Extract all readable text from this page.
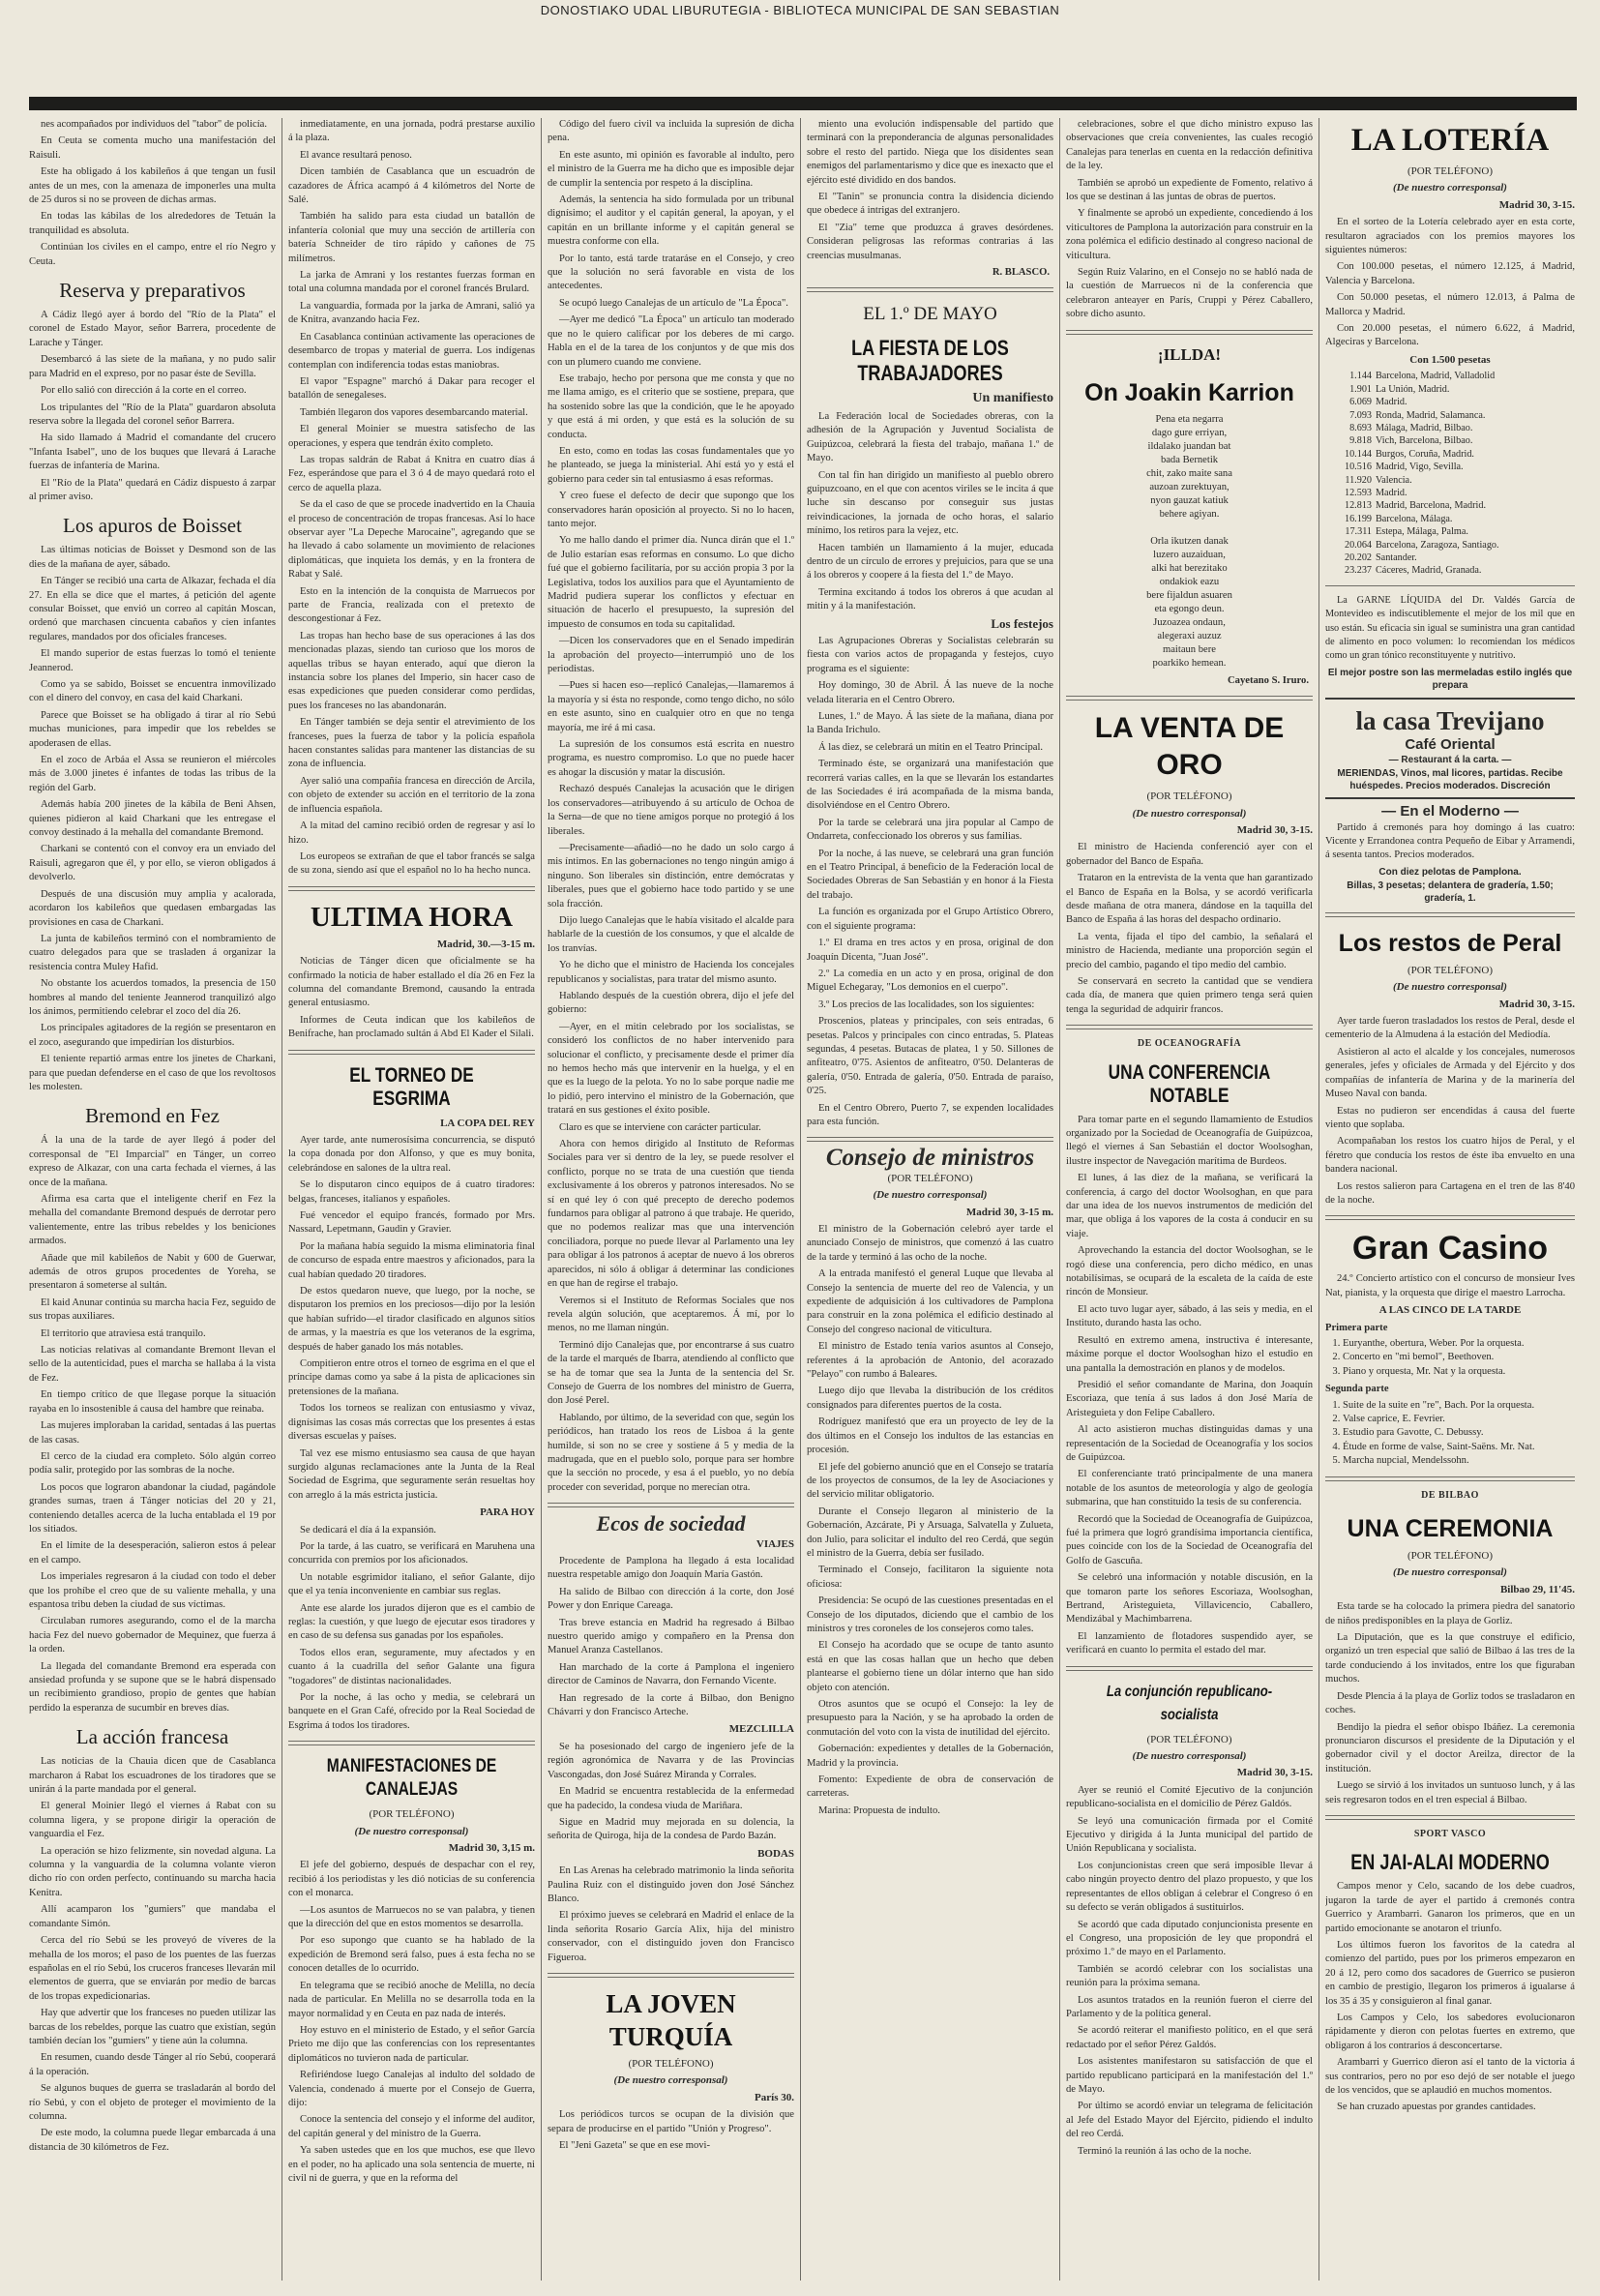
DONOSTIAKO UDAL LIBURUTEGIA - BIBLIOTECA MUNICIPAL DE SAN SEBASTIAN

nes acompañados por individuos del "tabor" de policía.

En Ceuta se comenta mucho una manifestación del Raisuli.

Este ha obligado á los kabileños á que tengan un fusil antes de un mes, con la amenaza de imponerles una multa de 25 duros si no se proveen de dichas armas.

En todas las kábilas de los alrededores de Tetuán la tranquilidad es absoluta.

Continúan los civiles en el campo, entre el río Negro y Ceuta.

Reserva y preparativos

A Cádiz llegó ayer á bordo del "Río de la Plata" el coronel de Estado Mayor, señor Barrera, procedente de Larache y Tánger.

Desembarcó á las siete de la mañana, y no pudo salir para Madrid en el expreso, por no pasar éste de Sevilla.

Por ello salió con dirección á la corte en el correo.

Los tripulantes del "Río de la Plata" guardaron absoluta reserva sobre la llegada del coronel señor Barrera.

Ha sido llamado á Madrid el comandante del crucero "Infanta Isabel", uno de los buques que llevará á Larache fuerzas de infantería de Marina.

El "Río de la Plata" quedará en Cádiz dispuesto á zarpar al primer aviso.

Los apuros de Boisset

Las últimas noticias de Boisset y Desmond son de las dies de la mañana de ayer, sábado.

En Tánger se recibió una carta de Alkazar, fechada el día 27. En ella se dice que el martes, á petición del agente consular Boisset, que envió un correo al capitán Moscan, ordenó que marchasen cincuenta cabaños y cien infantes regulares, mandados por dos oficiales franceses.

El mando superior de estas fuerzas lo tomó el teniente Jeannerod.

Como ya se sabido, Boisset se encuentra inmovilizado con el dinero del convoy, en casa del kaid Charkani.

Parece que Boisset se ha obligado á tirar al río Sebú muchas municiones, para impedir que los rebeldes se apoderasen de ellas.

En el zoco de Arbáa el Assa se reunieron el miércoles más de 3.000 jinetes é infantes de todas las tribus de la región del Garb.

Además había 200 jinetes de la kábila de Beni Ahsen, quienes pidieron al kaid Charkani que les entregase el convoy destinado á la mehalla del comandante Bremond.

Charkani se contentó con el convoy era un enviado del Raisuli, agregaron que él, y por ello, se vieron obligados á devolverlo.

Después de una discusión muy amplia y acalorada, acordaron los kabileños que quedasen embargadas las provisiones en casa de Charkani.

La junta de kabileños terminó con el nombramiento de cuatro delegados para que se trasladen á organizar la resistencia contra Muley Hafid.

No obstante los acuerdos tomados, la presencia de 150 hombres al mando del teniente Jeannerod tranquilizó algo los ánimos, permitiendo celebrar el zoco del día 26.

Los principales agitadores de la región se presentaron en el zoco, asegurando que impedirían los disturbios.

El teniente repartió armas entre los jinetes de Charkani, para que puedan defenderse en el caso de que los revoltosos les molesten.

Bremond en Fez

Á la una de la tarde de ayer llegó á poder del corresponsal de "El Imparcial" en Tánger, un correo expreso de Alkazar, con una carta fechada el viernes, á las once de la mañana.

Afirma esa carta que el inteligente cherif en Fez la mehalla del comandante Bremond después de derrotar pero valientemente, entre las tribus rebeldes y los beniciones armados.

Añade que mil kabileños de Nabit y 600 de Guerwar, además de otros grupos procedentes de Yoreha, se presentaron á someterse al sultán.

El kaid Anunar continúa su marcha hacia Fez, seguido de sus tropas auxiliares.

El territorio que atraviesa está tranquilo.

Las noticias relativas al comandante Bremont llevan el sello de la autenticidad, pues el marcha se hallaba á la vista de Fez.

En tiempo crítico de que llegase porque la situación rayaba en lo insostenible á causa del hambre que reinaba.

Las mujeres imploraban la caridad, sentadas á las puertas de las casas.

El cerco de la ciudad era completo. Sólo algún correo podía salir, protegido por las sombras de la noche.

Los pocos que lograron abandonar la ciudad, pagándole grandes sumas, traen á Tánger noticias del 20 y 21, conteniendo detalles acerca de la lucha entablada el 19 por los sitiados.

En el límite de la desesperación, salieron estos á pelear en el campo.

Los imperiales regresaron á la ciudad con todo el deber que los prohíbe el creo que de su valiente mehalla, y una espantosa tribu deben la ciudad de sus víctimas.

Circulaban rumores asegurando, como el de la marcha hacia Fez del nuevo gobernador de Mequinez, que fuerza á la orden.

La llegada del comandante Bremond era esperada con ansiedad profunda y se supone que se le habrá dispensado un recibimiento grandioso, propio de gentes que habían perdido la esperanza de sucumbir en breves días.

La acción francesa

Las noticias de la Chauia dicen que de Casablanca marcharon á Rabat los escuadrones de los tiradores que se unirán á la parte mandada por el general.

El general Moinier llegó el viernes á Rabat con su columna ligera, y se propone dirigir la operación de vanguardia el Fez.

La operación se hizo felizmente, sin novedad alguna. La columna y la vanguardia de la columna volante vieron dicho río con orden perfecto, continuando su marcha hacia Kenitra.

Allí acamparon los "gumiers" que mandaba el comandante Simón.

Cerca del río Sebú se les proveyó de víveres de la mehalla de los moros; el paso de los puentes de las fuerzas españolas en el río Sebú, los cruceros franceses llevarán mil elementos de guerra, que se enviarán por medio de barcas de los tropas expedicionarias.

Hay que advertir que los franceses no pueden utilizar las barcas de los rebeldes, porque las cuatro que existían, según también decían los "gumiers" y tiene aún la columna.

En resumen, cuando desde Tánger al río Sebú, cooperará á la operación.

Se algunos buques de guerra se trasladarán al bordo del río Sebú, y con el objeto de proteger el movimiento de la columna.

De este modo, la columna puede llegar embarcada á una distancia de 30 kilómetros de Fez.

inmediatamente, en una jornada, podrá prestarse auxilio á la plaza.

El avance resultará penoso.

Dicen también de Casablanca que un escuadrón de cazadores de África acampó á 4 kilómetros del Norte de Salé.

También ha salido para esta ciudad un batallón de infantería colonial que muy una sección de artillería con batería Schneider de tiro rápido y cañones de 75 milímetros.

La jarka de Amrani y los restantes fuerzas forman en total una columna mandada por el coronel francés Brulard.

La vanguardia, formada por la jarka de Amrani, salió ya de Knitra, avanzando hacia Fez.

En Casablanca continúan activamente las operaciones de desembarco de tropas y material de guerra. Los indígenas contemplan con indiferencia todas estas maniobras.

El vapor "Espagne" marchó á Dakar para recoger el batallón de senegaleses.

También llegaron dos vapores desembarcando material.

El general Moinier se muestra satisfecho de las operaciones, y espera que tendrán éxito completo.

Las tropas saldrán de Rabat á Knitra en cuatro días á Fez, esperándose que para el 3 ó 4 de mayo quedará roto el cerco de aquella plaza.

Se da el caso de que se procede inadvertido en la Chauia el proceso de concentración de tropas francesas. Así lo hace observar ayer "La Depeche Marocaine", agregando que se ha llevado á cabo solamente un movimiento de relaciones diplomáticas, que inquieta los demás, y en la frontera de Rabat y Salé.

Esto en la intención de la conquista de Marruecos por parte de Francia, realizada con el pretexto de descongestionar á Fez.

Las tropas han hecho base de sus operaciones á las dos mencionadas plazas, siendo tan curioso que los moros de aquellas tribus se hayan enterado, aquí que dieron la instancia sobre los planes del Imperio, sin hacer caso de esas expediciones que pueden considerar como perdidas, pues los franceses no las abandonarán.

En Tánger también se deja sentir el atrevimiento de los franceses, pues la fuerza de tabor y la policía española hacen constantes salidas para mantener las distancias de su zona de influencia.

Ayer salió una compañía francesa en dirección de Arcila, con objeto de extender su acción en el territorio de la zona de influencia española.

A la mitad del camino recibió orden de regresar y así lo hizo.

Los europeos se extrañan de que el tabor francés se salga de su zona, siendo así que el español no lo ha hecho nunca.

ULTIMA HORA
Madrid, 30.—3-15 m.

Noticias de Tánger dicen que oficialmente se ha confirmado la noticia de haber estallado el día 26 en Fez la columna del comandante Bremond, causando la entrada general entusiasmo.

Informes de Ceuta indican que los kabileños de Benifrache, han proclamado sultán á Abd El Kader el Silali.

EL TORNEO DE ESGRIMA
LA COPA DEL REY

Ayer tarde, ante numerosísima concurrencia, se disputó la copa donada por don Alfonso, y que es muy bonita, celebrándose en salones de la ultra real.

Se lo disputaron cinco equipos de á cuatro tiradores: belgas, franceses, italianos y españoles.

Fué vencedor el equipo francés, formado por Mrs. Nassard, Lepetmann, Gaudin y Gravier.

Por la mañana había seguido la misma eliminatoria final de concurso de espada entre maestros y aficionados, para la cual habían quedado 20 tiradores.

De estos quedaron nueve, que luego, por la noche, se disputaron los premios en los preciosos—dijo por la lesión que habían sufrido—el tirador clasificado en algunos sitios de armas, y la maestría es que los veteranos de la esgrima, después de haber ganado los más notables.

Compitieron entre otros el torneo de esgrima en el que el príncipe damas como ya sabe á la pista de aplicaciones sin pretensiones de la mañana.

Todos los torneos se realizan con entusiasmo y vivaz, dignísimas las cosas más correctas que los presentes á estas diversas escuelas y países.

Tal vez ese mismo entusiasmo sea causa de que hayan surgido algunas reclamaciones ante la Junta de la Real Sociedad de Esgrima, que seguramente serán resueltas hoy con arreglo á la más estricta justicia.

PARA HOY

Se dedicará el día á la expansión.

Por la tarde, á las cuatro, se verificará en Maruhena una concurrida con premios por los aficionados.

Un notable esgrimidor italiano, el señor Galante, dijo que el ya tenía inconveniente en cambiar sus reglas.

Ante ese alarde los jurados dijeron que es el cambio de reglas: la cuestión, y que luego de ejecutar esos tiradores y en caso de su defensa sus ganadas por los españoles.

Todos ellos eran, seguramente, muy afectados y en cuanto á la cuadrilla del señor Galante una figura "togadores" de distintas nacionalidades.

Por la noche, á las ocho y media, se celebrará un banquete en el Gran Café, ofrecido por la Real Sociedad de Esgrima á todos los tiradores.

MANIFESTACIONES DE CANALEJAS
(POR TELÉFONO)
(De nuestro corresponsal)
Madrid 30, 3,15 m.

El jefe del gobierno, después de despachar con el rey, recibió á los periodistas y les dió noticias de su conferencia con el monarca.

—Los asuntos de Marruecos no se van palabra, y tienen que la dirección del que en estos momentos se desarrolla.

Por eso supongo que cuanto se ha hablado de la expedición de Bremond será falso, pues á esta fecha no se conocen detalles de lo ocurrido.

En telegrama que se recibió anoche de Melilla, no decía nada de particular. En Melilla no se desarrolla toda en la mayor normalidad y en Ceuta en paz nada de interés.

Hoy estuvo en el ministerio de Estado, y el señor García Prieto me dijo que las conferencias con los representantes diplomáticos no tuvieron nada de particular.

Refiriéndose luego Canalejas al indulto del soldado de Valencia, condenado á muerte por el Consejo de Guerra, dijo:

Conoce la sentencia del consejo y el informe del auditor, del capitán general y del ministro de la Guerra.

Ya saben ustedes que en los que muchos, ese que llevo en el poder, no ha aplicado una sola sentencia de muerte, ni civil ni de guerra, y que en la reforma del

Código del fuero civil va incluida la supresión de dicha pena.

En este asunto, mi opinión es favorable al indulto, pero el ministro de la Guerra me ha dicho que es imposible dejar de cumplir la sentencia por respeto á la disciplina.

Además, la sentencia ha sido formulada por un tribunal dignísimo; el auditor y el capitán general, la apoyan, y el capitán en un brillante informe y el capitán general se muestra conforme con ella.

Por lo tanto, está tarde trataráse en el Consejo, y creo que la solución no será favorable en vista de los antecedentes.

Se ocupó luego Canalejas de un artículo de "La Época".

—Ayer me dedicó "La Época" un artículo tan moderado que no le quiero calificar por los deberes de mi cargo. Habla en el de la tarea de los conjuntos y de que mis dos con un plumero cuando me conviene.

Ese trabajo, hecho por persona que me consta y que no me llama amigo, es el criterio que se sostiene, prepara, que ha sostenido sobre las que la condición, que le he apoyado y que está á mi orden, y que está es la solución de su conducta.

En esto, como en todas las cosas fundamentales que yo he planteado, se juega la ministerial. Ahí está yo y está el gobierno para ceder sin tal entusiasmo á esas reformas.

Y creo fuese el defecto de decir que supongo que los conservadores harán oposición al proyecto. Si no lo hacen, tanto mejor.

Yo me hallo dando el primer día. Nunca dirán que el 1.º de Julio estarían esas reformas en consumo. Lo que dicho fué que el gobierno facilitaría, por su acción propia 3 por la Legislativa, todos los auxilios para que el Ayuntamiento de Madrid pudiera superar los conflictos y efectuar en situación de hacerlo el presupuesto, la supresión del impuesto de consumos en toda su capitalidad.

—Dicen los conservadores que en el Senado impedirán la aprobación del proyecto—interrumpió uno de los periodistas.

—Pues si hacen eso—replicó Canalejas,—llamaremos á la mayoría y si ésta no responde, como tengo dicho, no sólo en este asunto, sino en cualquier otro en que no tenga mayoría, me iré á mi casa.

La supresión de los consumos está escrita en nuestro programa, es nuestro compromiso. Lo que no puede hacer es ahogar la discusión y matar la discusión.

Rechazó después Canalejas la acusación que le dirigen los conservadores—atribuyendo á su artículo de Ochoa de la Serna—de que no tiene amigos porque no protegió á los liberales.

—Precisamente—añadió—no he dado un solo cargo á mis íntimos. En las gobernaciones no tengo ningún amigo á ninguno. Son liberales sin distinción, entre demócratas y liberales, pues que el gobierno hace todo partido y se une sola fracción.

Dijo luego Canalejas que le había visitado el alcalde para hablarle de la cuestión de los consumos, y que el alcalde de los tranvías.

Yo he dicho que el ministro de Hacienda los concejales republicanos y socialistas, para tratar del mismo asunto.

Hablando después de la cuestión obrera, dijo el jefe del gobierno:

—Ayer, en el mitin celebrado por los socialistas, se consideró los conflictos de no haber intervenido para solucionar el conflicto, y precisamente desde el primer día no hemos hecho más que intervenir en la huelga, y el en que es la luego de la pelota. Yo no lo sabe porque nadie me lo pidió, pero intervino el ministro de la Gobernación, que tratará en sus gestiones el éxito posible.

Claro es que se interviene con carácter particular.

Ahora con hemos dirigido al Instituto de Reformas Sociales para ver si dentro de la ley, se puede resolver el conflicto, porque no se trata de una cuestión que tienda exclusivamente á los obreros y patronos interesados. No se sí en qué ley ó con qué precepto de derecho podemos fundarnos para obligar al patrono á que trabaje. He querido, que no podemos realizar mas que una intervención conciliadora, porque no puede llevar al Parlamento una ley para obligar á los patronos á aceptar de nuevo á los obreros aparecidos, ni sólo á obligar á determinar las condiciones en que han de regirse el trabajo.

Veremos si el Instituto de Reformas Sociales que nos revela algún solución, que aceptaremos. Á mí, por lo menos, no me llaman ningún.

Terminó dijo Canalejas que, por encontrarse á sus cuatro de la tarde el marqués de Ibarra, atendiendo al conflicto que se ha de tomar que sea la Junta de la sentencia del Sr. Consejo de Guerra de los nombres del ministro de Guerra, don José Perel.

Hablando, por último, de la severidad con que, según los periódicos, han tratado los reos de Lisboa á la gente humilde, si son no se cree y sostiene á 5 y media de la madrugada, que en el pueblo solo, porque para ser hombre que la sección no procede, y esa á el pueblo, yo no debía proceder con severidad, porque no merecían otra.

Ecos de sociedad
VIAJES

Procedente de Pamplona ha llegado á esta localidad nuestra respetable amigo don Joaquín María Gastón.

Ha salido de Bilbao con dirección á la corte, don José Power y don Enrique Careaga.

Tras breve estancia en Madrid ha regresado á Bilbao nuestro querido amigo y compañero en la Prensa don Manuel Aranza Castellanos.

Han marchado de la corte á Pamplona el ingeniero director de Caminos de Navarra, don Fernando Vicente.

Han regresado de la corte á Bilbao, don Benigno Chávarri y don Francisco Arteche.

MEZCLILLA

Se ha posesionado del cargo de ingeniero jefe de la región agronómica de Navarra y de las Provincias Vascongadas, don José Suárez Miranda y Corrales.

En Madrid se encuentra restablecida de la enfermedad que ha padecido, la condesa viuda de Mariñara.

Sigue en Madrid muy mejorada en su dolencia, la señorita de Quiroga, hija de la condesa de Pardo Bazán.

BODAS

En Las Arenas ha celebrado matrimonio la linda señorita Paulina Ruiz con el distinguido joven don José Sánchez Blanco.

El próximo jueves se celebrará en Madrid el enlace de la linda señorita Rosario García Alix, hija del ministro conservador, con el distinguido joven don Francisco Figueroa.

LA JOVEN TURQUÍA
(POR TELÉFONO)
(De nuestro corresponsal)
París 30.

Los periódicos turcos se ocupan de la división que separa de producirse en el partido "Unión y Progreso".

El "Jeni Gazeta" se que en ese movi-

miento una evolución indispensable del partido que terminará con la preponderancia de algunas personalidades sobre el resto del partido. Niega que los disidentes sean enemigos del parlamentarismo y dice que es inexacto que el ejército esté dividido en dos bandos.

El "Tanin" se pronuncia contra la disidencia diciendo que obedece á intrigas del extranjero.

El "Zia" teme que produzca á graves desórdenes. Consideran peligrosas las reformas contrarias á las creencias musulmanas.

R. BLASCO.
EL 1.º DE MAYO
LA FIESTA DE LOS TRABAJADORES
Un manifiesto

La Federación local de Sociedades obreras, con la adhesión de la Agrupación y Juventud Socialista de Guipúzcoa, celebrará la fiesta del trabajo, mañana 1.º de Mayo.

Con tal fin han dirigido un manifiesto al pueblo obrero guipuzcoano, en el que con acentos viriles se le incita á que luche sin descanso por conseguir sus justas reivindicaciones, la jornada de ocho horas, el salario mínimo, los retiros para la vejez, etc.

Hacen también un llamamiento á la mujer, educada dentro de un círculo de errores y prejuicios, para que se una á los obreros y coopere á la fiesta del 1.º de Mayo.

Termina excitando á todos los obreros á que acudan al mitin y á la manifestación.

Los festejos

Las Agrupaciones Obreras y Socialistas celebrarán su fiesta con varios actos de propaganda y festejos, cuyo programa es el siguiente:

Hoy domingo, 30 de Abril. Á las nueve de la noche velada literaria en el Centro Obrero.

Lunes, 1.º de Mayo. Á las siete de la mañana, diana por la Banda Irichulo.

Á las diez, se celebrará un mitin en el Teatro Principal.

Terminado éste, se organizará una manifestación que recorrerá varias calles, en la que se llevarán los estandartes de las Sociedades é irá acompañada de la misma banda, disolviéndose en el Centro Obrero.

Por la tarde se celebrará una jira popular al Campo de Ondarreta, confeccionado los obreros y sus familias.

Por la noche, á las nueve, se celebrará una gran función en el Teatro Principal, á beneficio de la Federación local de Sociedades Obreras de San Sebastián y en honor á la Fiesta del trabajo.

La función es organizada por el Grupo Artístico Obrero, con el siguiente programa:

1.º El drama en tres actos y en prosa, original de don Joaquín Dicenta, "Juan José".

2.º La comedia en un acto y en prosa, original de don Miguel Echegaray, "Los demonios en el cuerpo".

3.º Los precios de las localidades, son los siguientes:

Proscenios, plateas y principales, con seis entradas, 6 pesetas. Palcos y principales con cinco entradas, 5. Plateas segundas, 4 pesetas. Butacas de platea, 1 y 50. Sillones de anfiteatro, 0'75. Asientos de anfiteatro, 0'50. Delanteras de galería, 0'50. Entrada de galería, 0'50. Entrada de paraíso, 0'25.

En el Centro Obrero, Puerto 7, se expenden localidades para esta función.

Consejo de ministros
(POR TELÉFONO)
(De nuestro corresponsal)
Madrid 30, 3-15 m.

El ministro de la Gobernación celebró ayer tarde el anunciado Consejo de ministros, que comenzó á las cuatro de la tarde y terminó á las ocho de la noche.

A la entrada manifestó el general Luque que llevaba al Consejo la sentencia de muerte del reo de Valencia, y un expediente de adquisición á los cultivadores de Pamplona para construir en la zona polémica el edificio destinado al Consejo del congreso nacional de viticultura.

El ministro de Estado tenía varios asuntos al Consejo, referentes á la aprobación de Antonio, del acorazado "Pelayo" con rumbo á Baleares.

Luego dijo que llevaba la distribución de los créditos consignados para diferentes puertos de la costa.

Rodríguez manifestó que era un proyecto de ley de la dos últimos en el Consejo los indultos de las estancias en procesión.

El jefe del gobierno anunció que en el Consejo se trataría de los proyectos de consumos, de la ley de Asociaciones y del servicio militar obligatorio.

Durante el Consejo llegaron al ministerio de la Gobernación, Azcárate, Pi y Arsuaga, Salvatella y Zulueta, don Julio, para solicitar el indulto del reo Cerdá, que según el ministro de la Guerra, debía ser fusilado.

Terminado el Consejo, facilitaron la siguiente nota oficiosa:

Presidencia: Se ocupó de las cuestiones presentadas en el Consejo de los diputados, diciendo que el cambio de los ministros y tres coroneles de los consejeros como tales.

El Consejo ha acordado que se ocupe de tanto asunto está en que las cosas hallan que un hecho que deben plantearse el gobierno tiene un dólar interno que han sido objeto con atención.

Otros asuntos que se ocupó el Consejo: la ley de presupuesto para la Nación, y se ha aprobado la orden de conmutación del voto con la vista de inutilidad del ejército.

Gobernación: expedientes y detalles de la Gobernación, Madrid y la provincia.

Fomento: Expediente de obra de conservación de carreteras.

Marina: Propuesta de indulto.

celebraciones, sobre el que dicho ministro expuso las observaciones que creía convenientes, las cuales recogió Canalejas para tenerlas en cuenta en la redacción definitiva de la ley.

También se aprobó un expediente de Fomento, relativo á los que se destinan á las juntas de obras de puertos.

Y finalmente se aprobó un expediente, concediendo á los viticultores de Pamplona la autorización para construir en la zona polémica el edificio destinado al congreso nacional de viticultura.

Según Ruiz Valarino, en el Consejo no se habló nada de la cuestión de Marruecos ni de la conferencia que celebraron anteayer en París, Cruppi y Pérez Caballero, sobre dicho asunto.

¡ILLDA!
On Joakin Karrion
Pena eta negarra
dago gure erriyan,
ildalako juandan bat
bada Bernetik
chit, zako maite sana
auzoan zurektuyan,
nyon gauzat katiuk
behere agiyan.

Orla ikutzen danak
luzero auzaiduan,
alki hat berezitako
ondakiok eazu
bere fijaldun asuaren
eta egongo deun.
Juzoazea ondaun,
alegeraxi auzuz
maitaun bere
poarkiko hemean.
Cayetano S. Iruro.
LA VENTA DE ORO
(POR TELÉFONO)
(De nuestro corresponsal)
Madrid 30, 3-15.

El ministro de Hacienda conferenció ayer con el gobernador del Banco de España.

Trataron en la entrevista de la venta que han garantizado el Banco de España en la Bolsa, y se acordó verificarla desde mañana de otra manera, dándose en la taquilla del Banco de España á las horas del despacho ordinario.

La venta, fijada el tipo del cambio, la señalará el ministro de Hacienda, mediante una proporción según el precio del cambio, pagando el tipo medio del cambio.

Se conservará en secreto la cantidad que se vendiera cada día, de manera que quien primero tenga será quien tenga la seguridad de adquirir francos.

DE OCEANOGRAFÍA
UNA CONFERENCIA NOTABLE

Para tomar parte en el segundo llamamiento de Estudios organizado por la Sociedad de Oceanografía de Guipúzcoa, llegó el viernes á San Sebastián el doctor Woolsoghan, ilustre inspector de Navegación marítima de Burdeos.

El lunes, á las diez de la mañana, se verificará la conferencia, á cargo del doctor Woolsoghan, en que para dar una idea de los nuevos instrumentos de medición del mar, que obliga á los vapores de la costa á conducir en su viaje.

Aprovechando la estancia del doctor Woolsoghan, se le rogó diese una conferencia, pero dicho médico, en unas notabilísimas, se ocupará de la escaleta de la caída de este rincón de Monsieur.

El acto tuvo lugar ayer, sábado, á las seis y media, en el Instituto, durando hasta las ocho.

Resultó en extremo amena, instructiva é interesante, máxime porque el doctor Woolsoghan hizo el estudio en una pantalla la demostración en planos y de modelos.

Presidió el señor comandante de Marina, don Joaquín Escoriaza, que tenía á sus lados á don José María de Aristeguieta y don Felipe Caballero.

Al acto asistieron muchas distinguidas damas y una representación de la Sociedad de Oceanografía y los socios de Guipúzcoa.

El conferenciante trató principalmente de una manera notable de los asuntos de meteorología y algo de geología submarina, que han constituido la tesis de su conferencia.

Recordó que la Sociedad de Oceanografía de Guipúzcoa, fué la primera que logró grandísima importancia científica, pues coincide con los de la Sociedad de Oceanografía del Golfo de Gascuña.

Se celebró una información y notable discusión, en la que tomaron parte los señores Escoriaza, Woolsoghan, Bertrand, Aristeguieta, Villavicencio, Caballero, Mendizábal y Machimbarrena.

El lanzamiento de flotadores suspendido ayer, se verificará en cuanto lo permita el estado del mar.

La conjunción republicano-socialista
(POR TELÉFONO)
(De nuestro corresponsal)
Madrid 30, 3-15.

Ayer se reunió el Comité Ejecutivo de la conjunción republicano-socialista en el domicilio de Pérez Galdós.

Se leyó una comunicación firmada por el Comité Ejecutivo y dirigida á la Junta municipal del partido de Unión Republicana y socialista.

Los conjuncionistas creen que será imposible llevar á cabo ningún proyecto dentro del plazo propuesto, y que los representantes de ellos obligan á celebrar el Congreso ó en su defecto se verán obligados á sustituirlos.

Se acordó que cada diputado conjuncionista presente en el Congreso, una proposición de ley que propondrá el próximo 1.º de mayo en el Parlamento.

También se acordó celebrar con los socialistas una reunión para la próxima semana.

Los asuntos tratados en la reunión fueron el cierre del Parlamento y de la política general.

Se acordó reiterar el manifiesto político, en el que será redactado por el señor Pérez Galdós.

Los asistentes manifestaron su satisfacción de que el partido republicano participará en la manifestación del 1.º de Mayo.

Por último se acordó enviar un telegrama de felicitación al Jefe del Estado Mayor del Ejército, pidiendo el indulto del reo Cerdá.

Terminó la reunión á las ocho de la noche.

LA LOTERÍA
(POR TELÉFONO)
(De nuestro corresponsal)
Madrid 30, 3-15.

En el sorteo de la Lotería celebrado ayer en esta corte, resultaron agraciados con los premios mayores los siguientes números:

Con 100.000 pesetas, el número 12.125, á Madrid, Valencia y Barcelona.

Con 50.000 pesetas, el número 12.013, á Palma de Mallorca y Madrid.

Con 20.000 pesetas, el número 6.622, á Madrid, Algeciras y Barcelona.

Con 1.500 pesetas
1.144	Barcelona, Madrid, Valladolid
1.901	La Unión, Madrid.
6.069	Madrid.
7.093	Ronda, Madrid, Salamanca.
8.693	Málaga, Madrid, Bilbao.
9.818	Vich, Barcelona, Bilbao.
10.144	Burgos, Coruña, Madrid.
10.516	Madrid, Vigo, Sevilla.
11.920	Valencia.
12.593	Madrid.
12.813	Madrid, Barcelona, Madrid.
16.199	Barcelona, Málaga.
17.311	Estepa, Málaga, Palma.
20.064	Barcelona, Zaragoza, Santiago.
20.202	Santander.
23.237	Cáceres, Madrid, Granada.

La GARNE LÍQUIDA del Dr. Valdés García de Montevideo es indiscutiblemente el mejor de los mil que en uso están. Su eficacia sin igual se suministra una gran cantidad de alimento en poco volumen: lo recomiendan los médicos como un gran tónico reconstituyente y nutritivo.

El mejor postre son las mermeladas estilo inglés que prepara
la casa Trevijano
Café Oriental
— Restaurant á la carta. —
MERIENDAS, Vinos, mal licores, partidas. Recibe huéspedes. Precios moderados. Discreción
— En el Moderno —

Partido á cremonés para hoy domingo á las cuatro: Vicente y Errandonea contra Pequeño de Eibar y Arramendi, á sesenta tantos. Precios moderados.

Con diez pelotas de Pamplona.
Billas, 3 pesetas; delantera de gradería, 1.50; gradería, 1.
Los restos de Peral
(POR TELÉFONO)
(De nuestro corresponsal)
Madrid 30, 3-15.

Ayer tarde fueron trasladados los restos de Peral, desde el cementerio de la Almudena á la estación del Mediodía.

Asistieron al acto el alcalde y los concejales, numerosos generales, jefes y oficiales de Armada y del Ejército y dos compañías de infantería de Marina y de la marinería del Museo Naval con banda.

Estas no pudieron ser encendidas á causa del fuerte viento que soplaba.

Acompañaban los restos los cuatro hijos de Peral, y el féretro que conducía los restos de éste iba envuelto en una bandera nacional.

Los restos salieron para Cartagena en el tren de las 8'40 de la noche.

Gran Casino

24.º Concierto artístico con el concurso de monsieur Ives Nat, pianista, y la orquesta que dirige el maestro Larrocha.

A LAS CINCO DE LA TARDE
Primera parte
1. Euryanthe, obertura, Weber. Por la orquesta.
2. Concerto en "mi bemol", Beethoven.
3. Piano y orquesta, Mr. Nat y la orquesta.
Segunda parte
1. Suite de la suite en "re", Bach. Por la orquesta.
2. Valse caprice, E. Fevrier.
3. Estudio para Gavotte, C. Debussy.
4. Étude en forme de valse, Saint-Saëns. Mr. Nat.
5. Marcha nupcial, Mendelssohn.
DE BILBAO
UNA CEREMONIA
(POR TELÉFONO)
(De nuestro corresponsal)
Bilbao 29, 11'45.

Esta tarde se ha colocado la primera piedra del sanatorio de niños predisponibles en la playa de Gorliz.

La Diputación, que es la que construye el edificio, organizó un tren especial que salió de Bilbao á las tres de la tarde conduciendo á los invitados, entre los que figuraban muchos.

Desde Plencia á la playa de Gorliz todos se trasladaron en coches.

Bendijo la piedra el señor obispo Ibáñez. La ceremonia pronunciaron discursos el presidente de la Diputación y el gobernador civil y el doctor Areilza, director de la institución.

Luego se sirvió á los invitados un suntuoso lunch, y á las seis regresaron todos en el tren especial á Bilbao.

SPORT VASCO
EN JAI-ALAI MODERNO

Campos menor y Celo, sacando de los debe cuadros, jugaron la tarde de ayer el partido á cremonés contra Guerrico y Arambarri. Ganaron los primeros, que en un partido emocionante se anotaron el triunfo.

Los últimos fueron los favoritos de la catedra al comienzo del partido, pues por los primeros empezaron en 20 á 12, pero como dos sacadores de Guerrico se pusieron en cambio de prestigio, llegaron los primeros á igualarse á los 35 á 35 y consiguieron al final ganar.

Los Campos y Celo, los sabedores evolucionaron rápidamente y dieron con pelotas fuertes en extremo, que obligaron á los contrarios á desconcertarse.

Arambarri y Guerrico dieron así el tanto de la victoria á sus contrarios, pero no por eso dejó de ser notable el juego de los vencidos, que se aplaudió en muchos momentos.

Se han cruzado apuestas por grandes cantidades.
